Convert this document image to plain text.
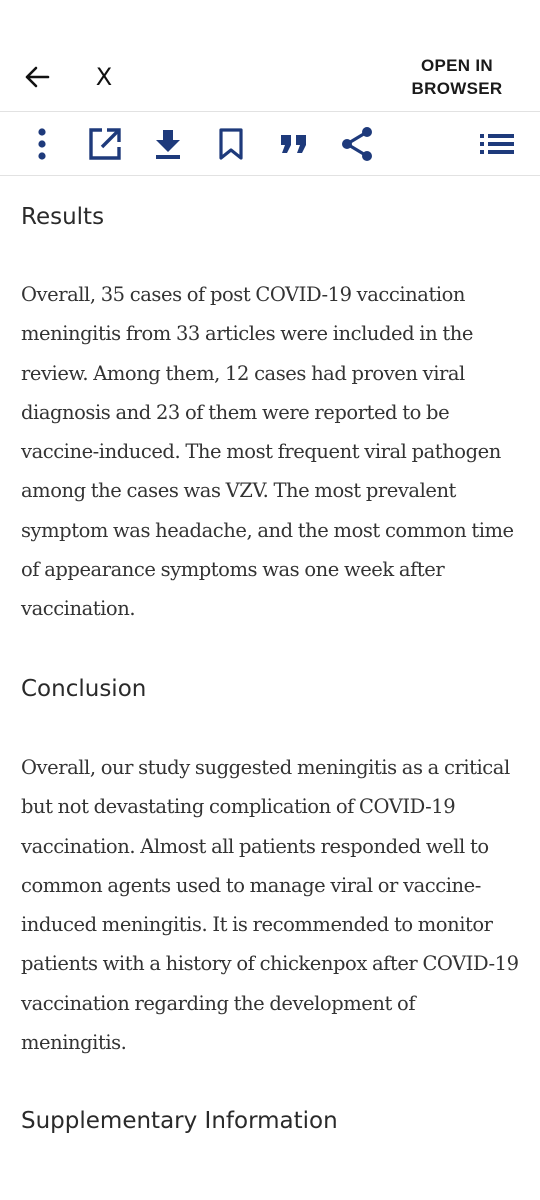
X	OPEN IN
BROWSER
Results

Overall, 35 cases of post COVID-19 vaccination meningitis from 33 articles were included in the review. Among them, 12 cases had proven viral diagnosis and 23 of them were reported to be vaccine-induced. The most frequent viral pathogen among the cases was VZV. The most prevalent symptom was headache, and the most common time of appearance symptoms was one week after vaccination.

Conclusion

Overall, our study suggested meningitis as a critical but not devastating complication of COVID-19 vaccination. Almost all patients responded well to common agents used to manage viral or vaccine-induced meningitis. It is recommended to monitor patients with a history of chickenpox after COVID-19 vaccination regarding the development of meningitis.

Supplementary Information
